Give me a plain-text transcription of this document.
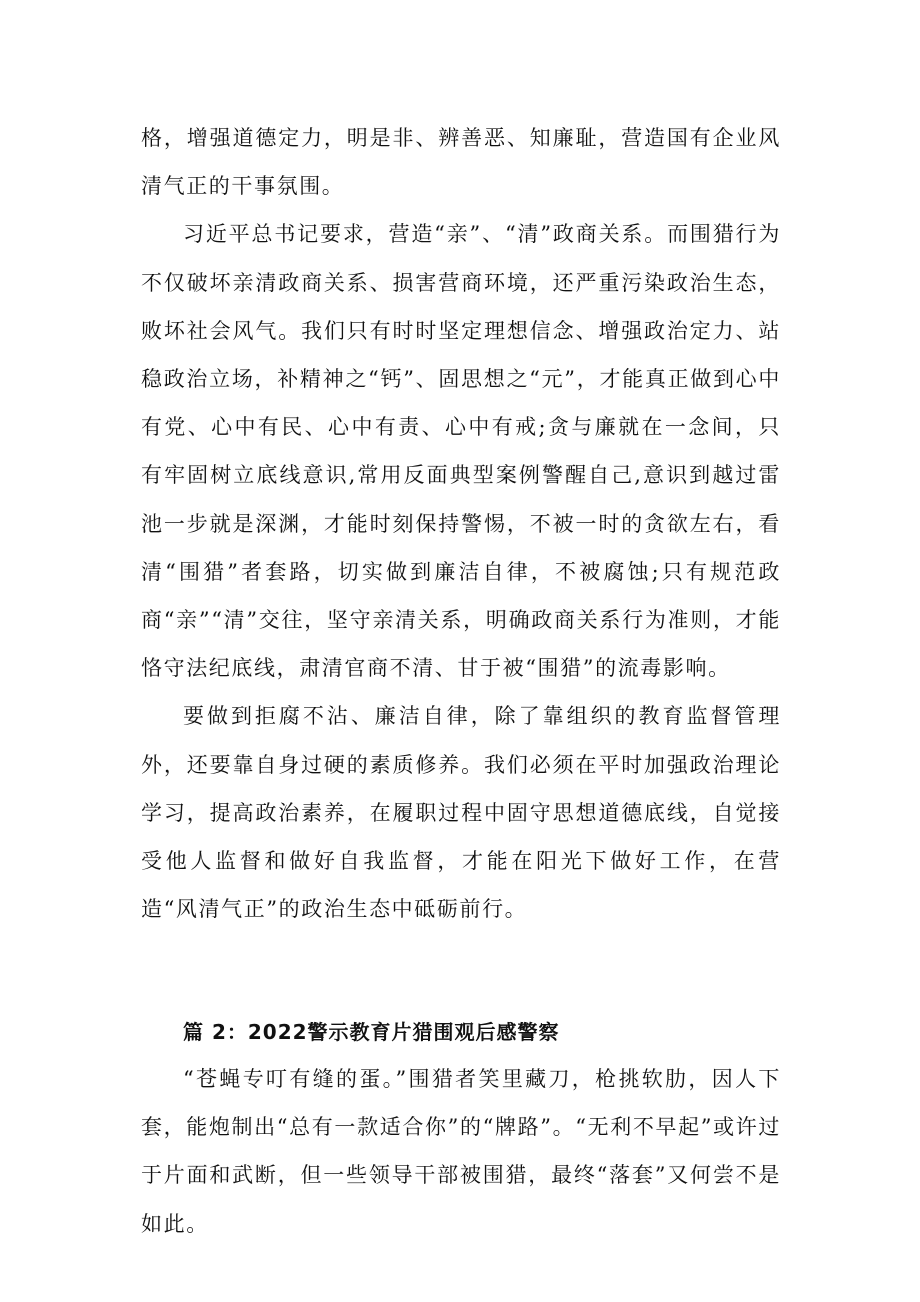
格，增强道德定力，明是非、辨善恶、知廉耻，营造国有企业风清气正的干事氛围。

习近平总书记要求，营造“亲”、“清”政商关系。而围猎行为不仅破坏亲清政商关系、损害营商环境，还严重污染政治生态，败坏社会风气。我们只有时时坚定理想信念、增强政治定力、站稳政治立场，补精神之“钙”、固思想之“元”，才能真正做到心中有党、心中有民、心中有责、心中有戒;贪与廉就在一念间，只有牢固树立底线意识,常用反面典型案例警醒自己,意识到越过雷池一步就是深渊，才能时刻保持警惕，不被一时的贪欲左右，看清“围猎”者套路，切实做到廉洁自律，不被腐蚀;只有规范政商“亲”“清”交往，坚守亲清关系，明确政商关系行为准则，才能恪守法纪底线，肃清官商不清、甘于被“围猎”的流毒影响。

要做到拒腐不沾、廉洁自律，除了靠组织的教育监督管理外，还要靠自身过硬的素质修养。我们必须在平时加强政治理论学习，提高政治素养，在履职过程中固守思想道德底线，自觉接受他人监督和做好自我监督，才能在阳光下做好工作，在营造“风清气正”的政治生态中砥砺前行。

篇 2：2022警示教育片猎围观后感警察

“苍蝇专叮有缝的蛋。”围猎者笑里藏刀，枪挑软肋，因人下套，能炮制出“总有一款适合你”的“牌路”。“无利不早起”或许过于片面和武断，但一些领导干部被围猎，最终“落套”又何尝不是如此。
